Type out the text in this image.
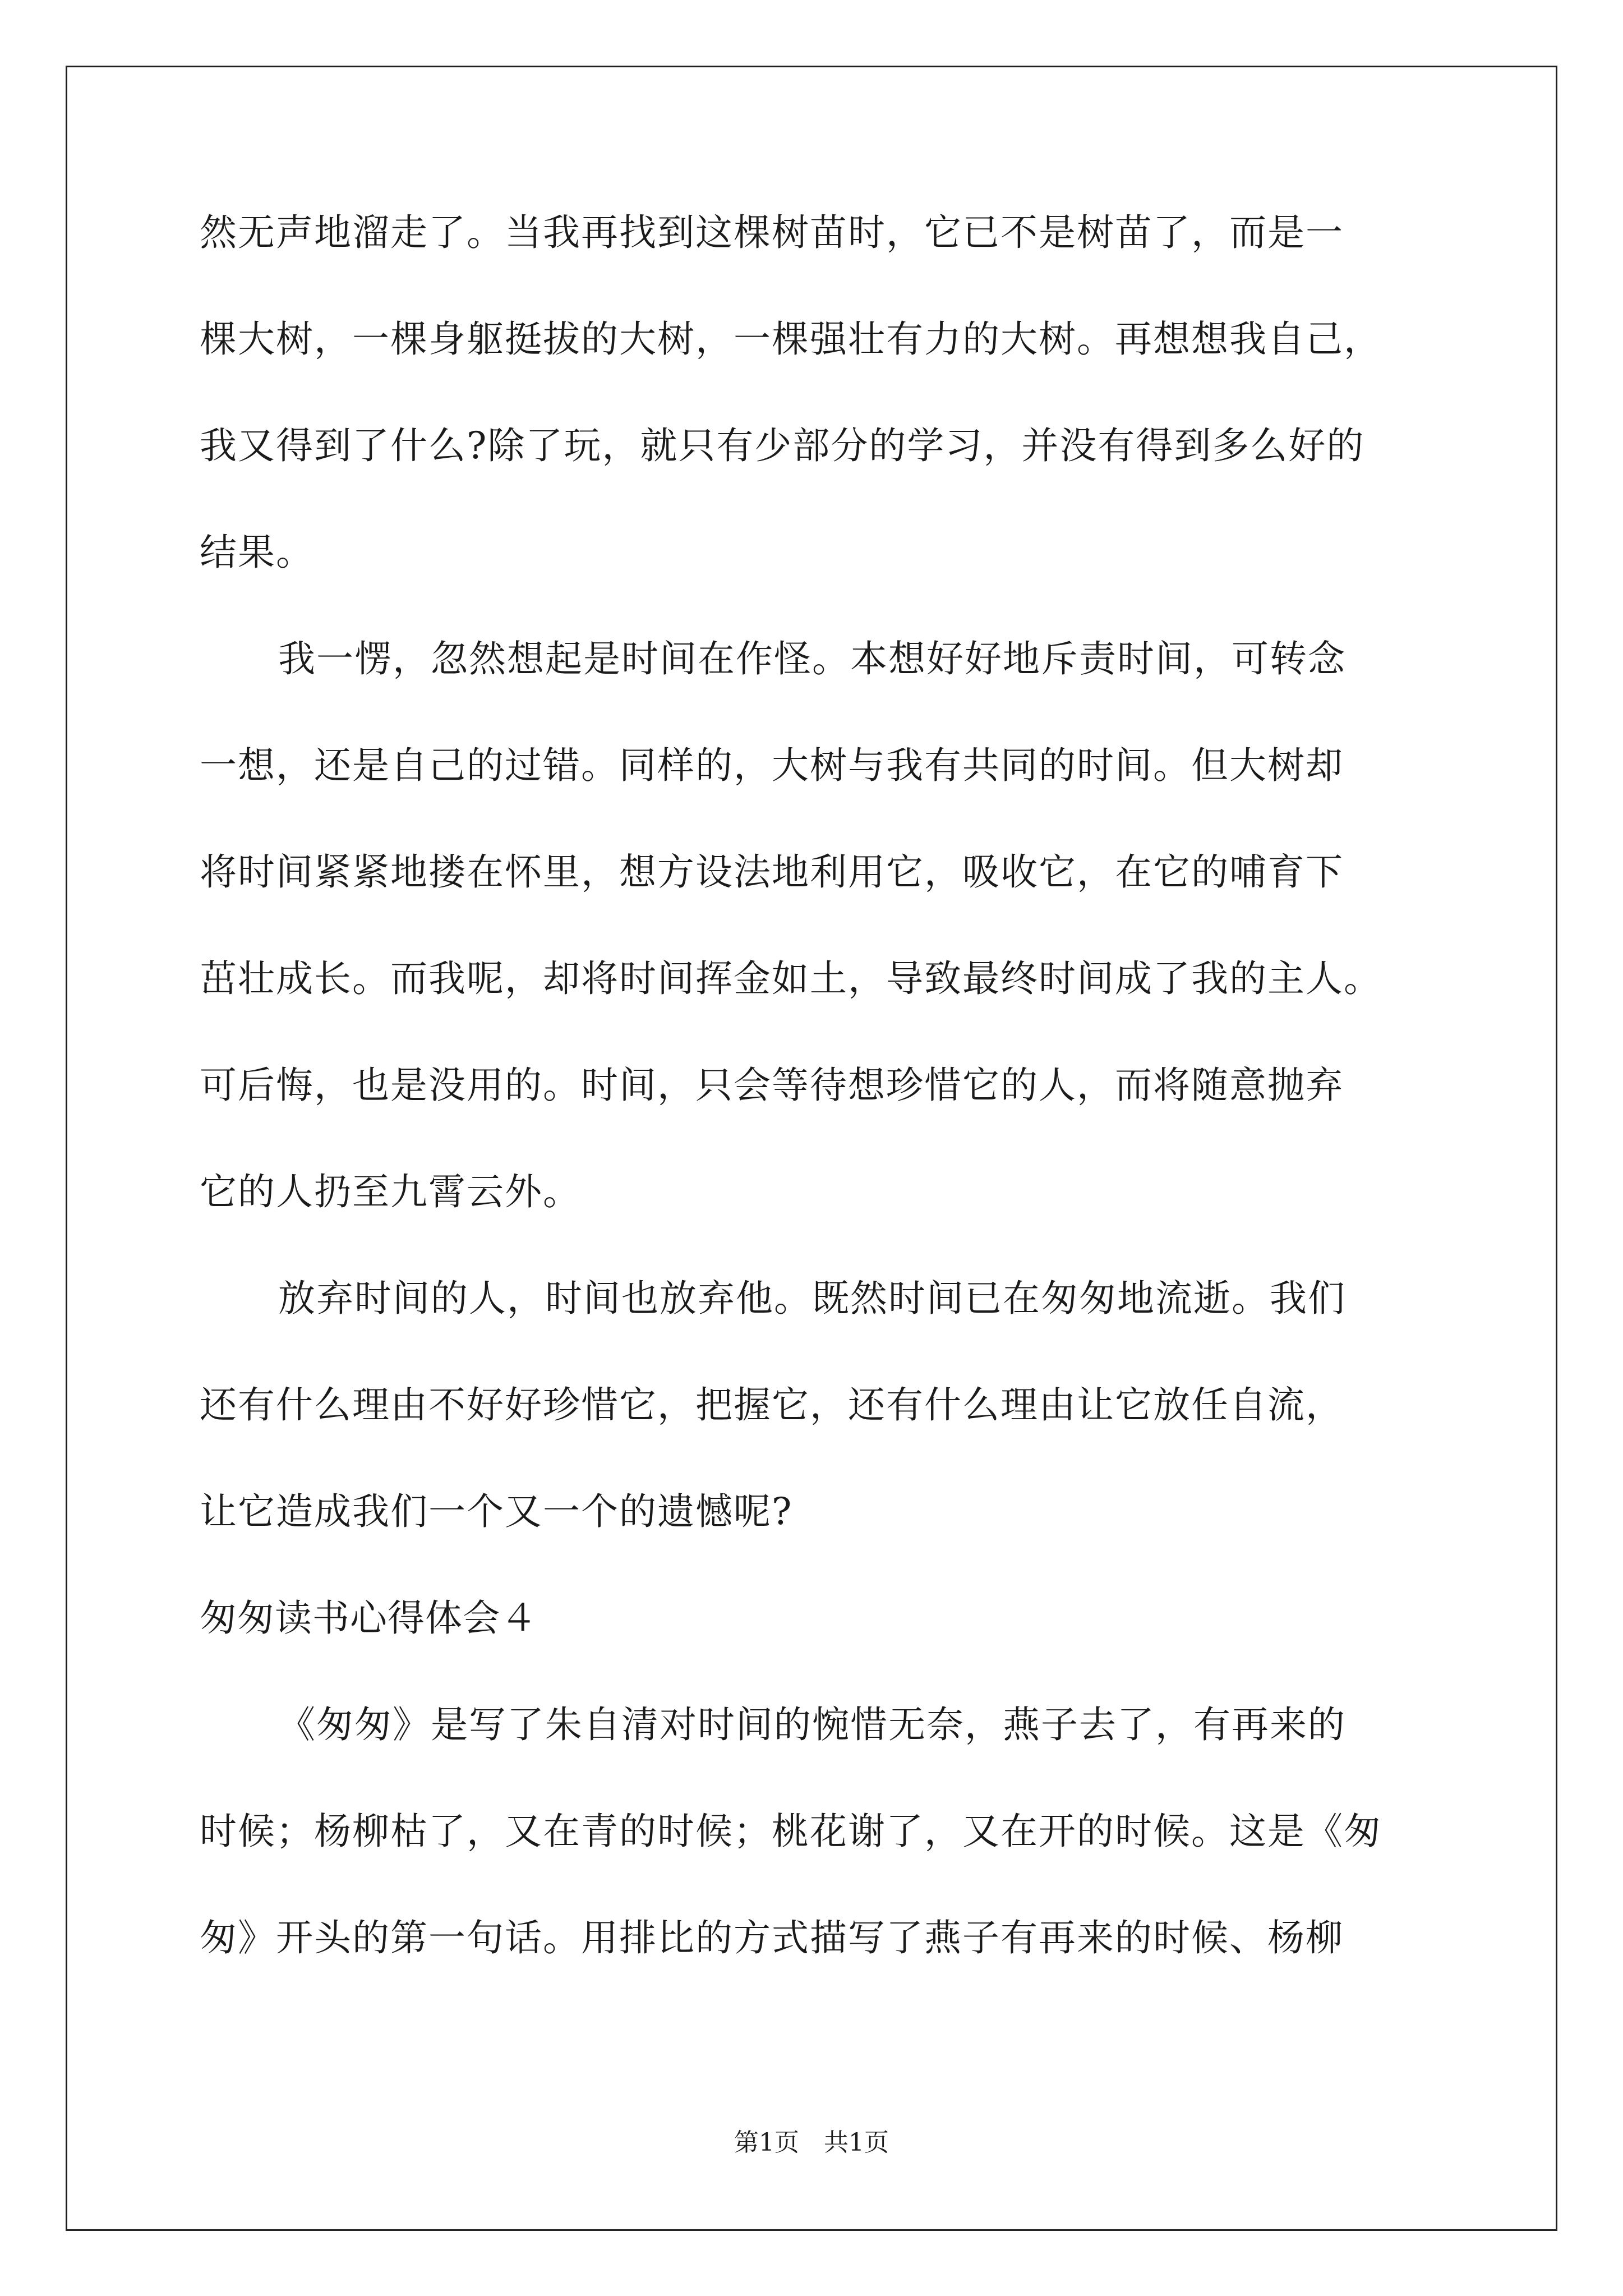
然无声地溜走了。当我再找到这棵树苗时，它已不是树苗了，而是一
棵大树，一棵身躯挺拔的大树，一棵强壮有力的大树。再想想我自己，
我又得到了什么?除了玩，就只有少部分的学习，并没有得到多么好的
结果。
我一愣，忽然想起是时间在作怪。本想好好地斥责时间，可转念
一想，还是自己的过错。同样的，大树与我有共同的时间。但大树却
将时间紧紧地搂在怀里，想方设法地利用它，吸收它，在它的哺育下
茁壮成长。而我呢，却将时间挥金如土，导致最终时间成了我的主人。
可后悔，也是没用的。时间，只会等待想珍惜它的人，而将随意抛弃
它的人扔至九霄云外。
放弃时间的人，时间也放弃他。既然时间已在匆匆地流逝。我们
还有什么理由不好好珍惜它，把握它，还有什么理由让它放任自流，
让它造成我们一个又一个的遗憾呢?
匆匆读书心得体会４
《匆匆》是写了朱自清对时间的惋惜无奈，燕子去了，有再来的
时候；杨柳枯了，又在青的时候；桃花谢了，又在开的时候。这是《匆
匆》开头的第一句话。用排比的方式描写了燕子有再来的时候、杨柳
第1页　共1页
